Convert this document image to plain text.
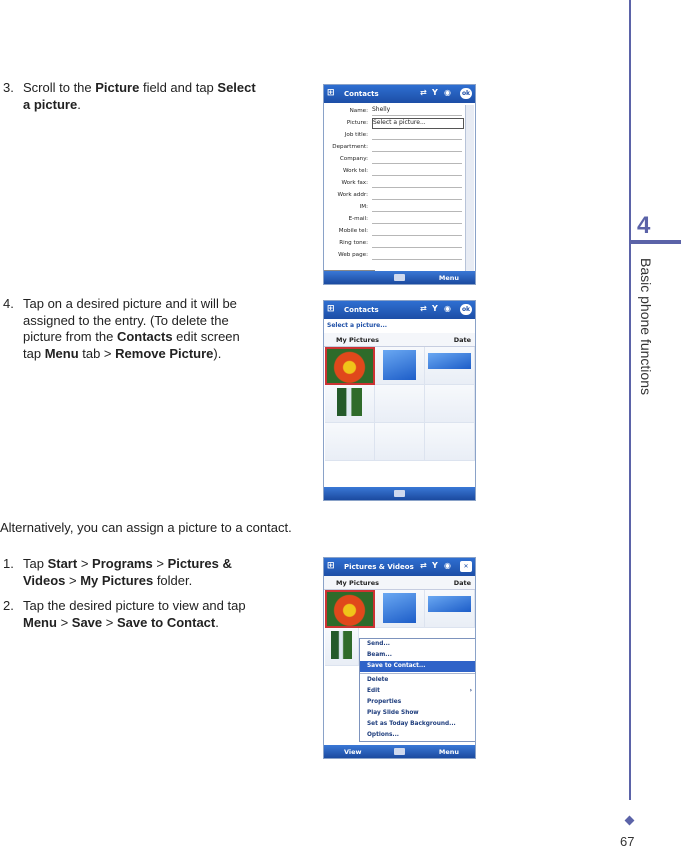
3. Scroll to the Picture field and tap Select
a picture.
4. Tap on a desired picture and it will be
assigned to the entry. (To delete the
picture from the Contacts edit screen
tap Menu tab > Remove Picture).
Alternatively, you can assign a picture to a contact.
1. Tap Start > Programs > Pictures &
Videos > My Pictures folder.
2. Tap the desired picture to view and tap
Menu > Save > Save to Contact.
4
Basic phone functions
67
⊞	Contacts	⇄ Y ◉	ok
Name: Shelly
Picture: Select a picture...
Job title:
Department:
Company:
Work tel:
Work fax:
Work addr:
IM:
E-mail:
Mobile tel:
Ring tone:
Web page:
Menu
⊞	Contacts	⇄ Y ◉	ok
Select a picture...
My Pictures	Date
⊞	Pictures & Videos ⇄ Y ◉	✕
My Pictures	Date
Send...
Beam...
Save to Contact...
Delete
Edit	›
Properties
Play Slide Show
Set as Today Background...
Options...
View	Menu
